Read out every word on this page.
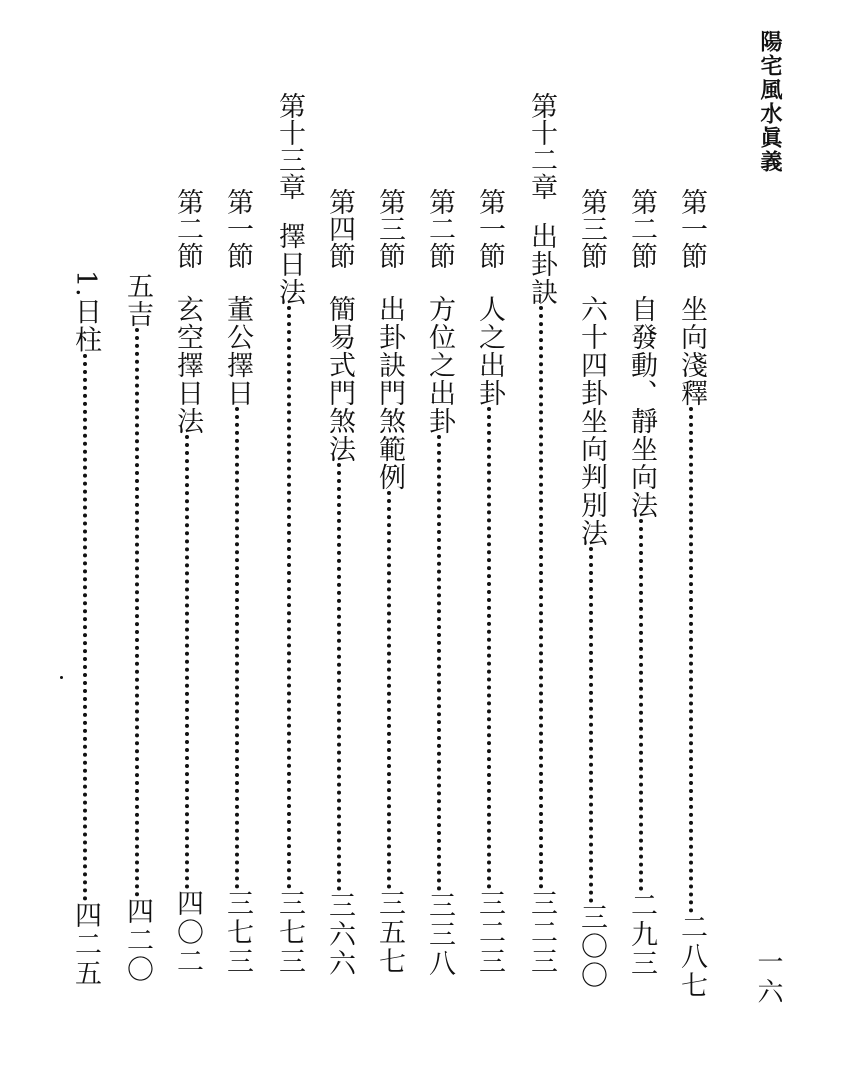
陽宅風水眞義
第一節
坐向淺釋
二八七
第二節
自發動、靜坐向法
二九三
第三節
六十四卦坐向判別法
三〇〇
第十二章
出卦訣
三二三
第一節
人之出卦
三二三
第二節
方位之出卦
三三八
第三節
出卦訣門煞範例
三五七
第四節
簡易式門煞法
三六六
第十三章
擇日法
三七三
第一節
董公擇日
三七三
第二節
玄空擇日法
四〇二
五吉
四二〇
1.日柱
四二五	一六
